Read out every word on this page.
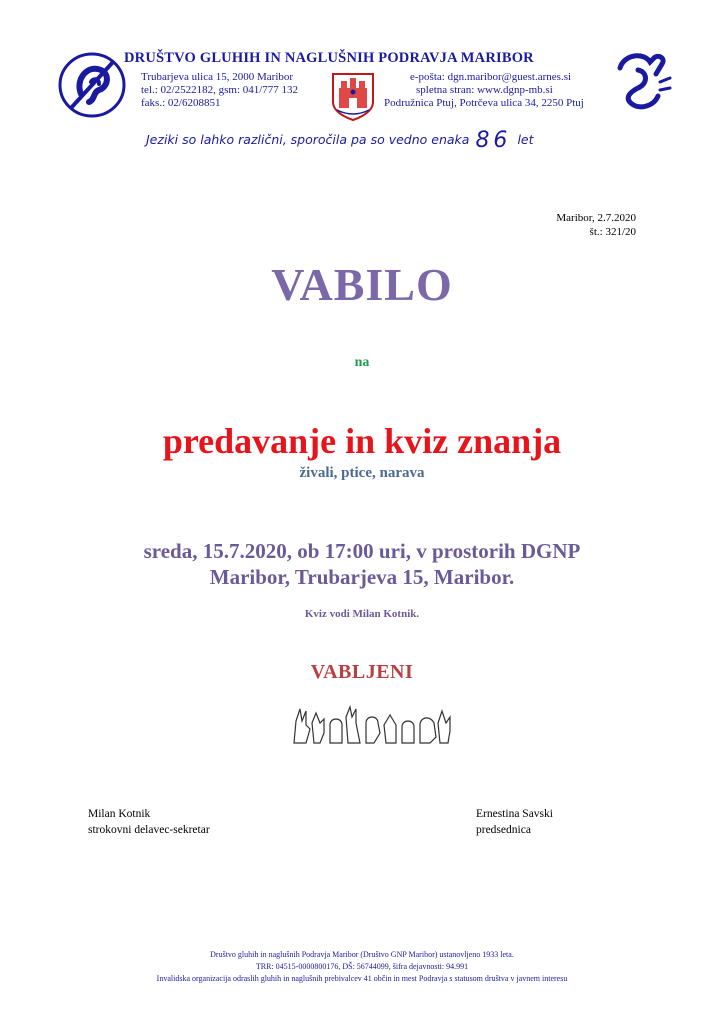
DRUŠTVO GLUHIH IN NAGLUŠNIH PODRAVJA MARIBOR
Trubarjeva ulica 15, 2000 Maribor
tel.: 02/2522182, gsm: 041/777 132
faks.: 02/6208851
e-pošta: dgn.maribor@guest.arnes.si
spletna stran: www.dgnp-mb.si
Podružnica Ptuj, Potrčeva ulica 34, 2250 Ptuj
Jeziki so lahko različni, sporočila pa so vedno enaka 86 let
Maribor, 2.7.2020
št.: 321/20
VABILO
na
predavanje in kviz znanja
živali, ptice, narava
sreda, 15.7.2020, ob 17:00 uri, v prostorih DGNP
Maribor, Trubarjeva 15, Maribor.
Kviz vodi Milan Kotnik.
VABLJENI
Milan Kotnik
strokovni delavec-sekretar
Ernestina Savski
predsednica
Društvo gluhih in naglušnih Podravja Maribor (Društvo GNP Maribor) ustanovljeno 1933 leta.
TRR: 04515-0000800176, DŠ: 56744099, šifra dejavnosti: 94.991
Invalidska organizacija odraslih gluhih in naglušnih prebivalcev 41 občin in mest Podravja s statusom društva v javnem interesu
